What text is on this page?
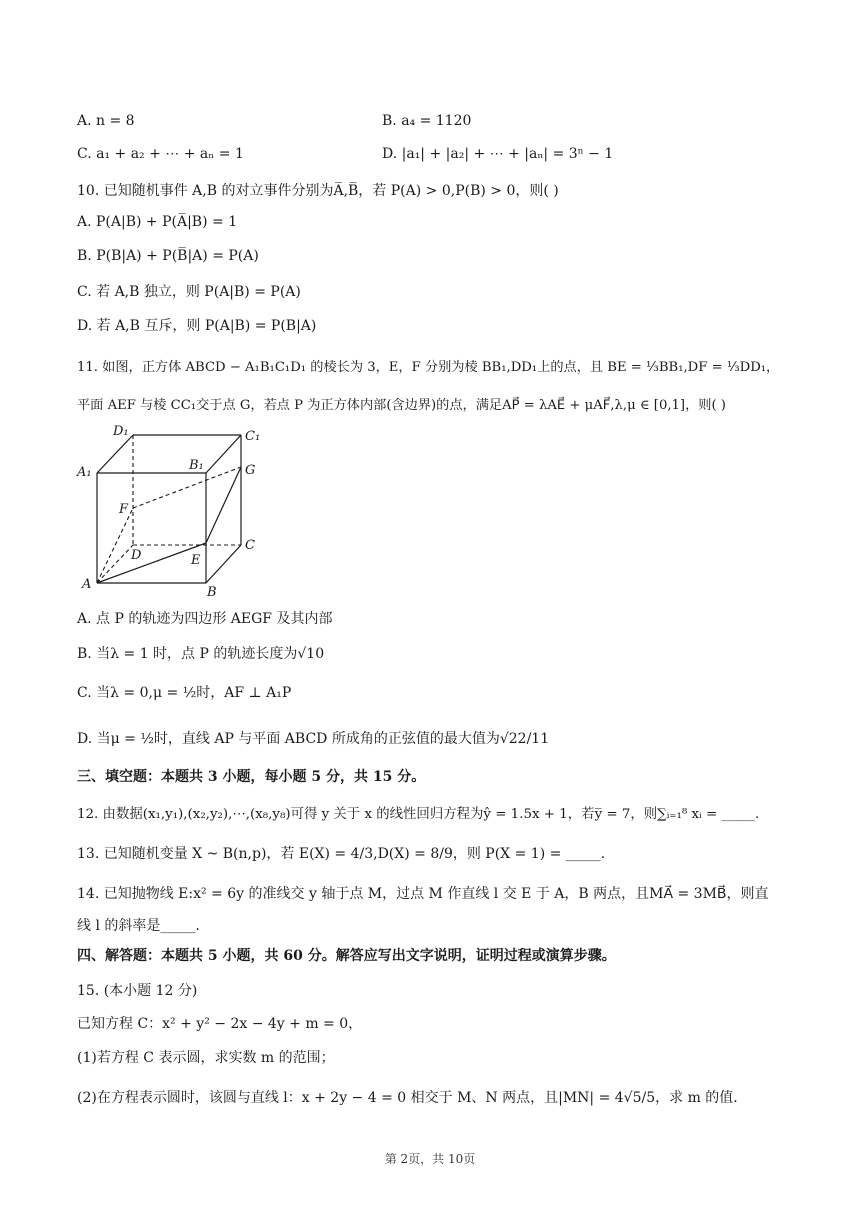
A. n = 8	B. a₄ = 1120
C. a₁ + a₂ + ⋯ + aₙ = 1	D. |a₁| + |a₂| + ⋯ + |aₙ| = 3ⁿ − 1
10. 已知随机事件 A,B 的对立事件分别为A̅,B̅，若 P(A) > 0,P(B) > 0，则( )
A. P(A|B) + P(A̅|B) = 1
B. P(B|A) + P(B̅|A) = P(A)
C. 若 A,B 独立，则 P(A|B) = P(A)
D. 若 A,B 互斥，则 P(A|B) = P(B|A)
11. 如图，正方体 ABCD − A₁B₁C₁D₁ 的棱长为 3，E，F 分别为棱 BB₁,DD₁上的点，且 BE = ⅓BB₁,DF = ⅓DD₁，
平面 AEF 与棱 CC₁交于点 G，若点 P 为正方体内部(含边界)的点，满足AP⃗ = λAE⃗ + μAF⃗,λ,μ ∈ [0,1]，则( )
D₁	C₁
A₁	B₁	G
F
D
C
E
A
B
A. 点 P 的轨迹为四边形 AEGF 及其内部
B. 当λ = 1 时，点 P 的轨迹长度为√10
C. 当λ = 0,μ = ½时，AF ⊥ A₁P
D. 当μ = ½时，直线 AP 与平面 ABCD 所成角的正弦值的最大值为√22/11
三、填空题：本题共 3 小题，每小题 5 分，共 15 分。
12. 由数据(x₁,y₁),(x₂,y₂),⋯,(x₈,y₈)可得 y 关于 x 的线性回归方程为ŷ = 1.5x + 1，若y̅ = 7，则∑ᵢ₌₁⁸ xᵢ = _____.
13. 已知随机变量 X ~ B(n,p)，若 E(X) = 4/3,D(X) = 8/9，则 P(X = 1) = _____.
14. 已知抛物线 E:x² = 6y 的准线交 y 轴于点 M，过点 M 作直线 l 交 E 于 A，B 两点，且MA⃗ = 3MB⃗，则直
线 l 的斜率是_____.
四、解答题：本题共 5 小题，共 60 分。解答应写出文字说明，证明过程或演算步骤。
15. (本小题 12 分)
已知方程 C：x² + y² − 2x − 4y + m = 0，
(1)若方程 C 表示圆，求实数 m 的范围；
(2)在方程表示圆时，该圆与直线 l：x + 2y − 4 = 0 相交于 M、N 两点，且|MN| = 4√5/5，求 m 的值.
第 2页，共 10页
